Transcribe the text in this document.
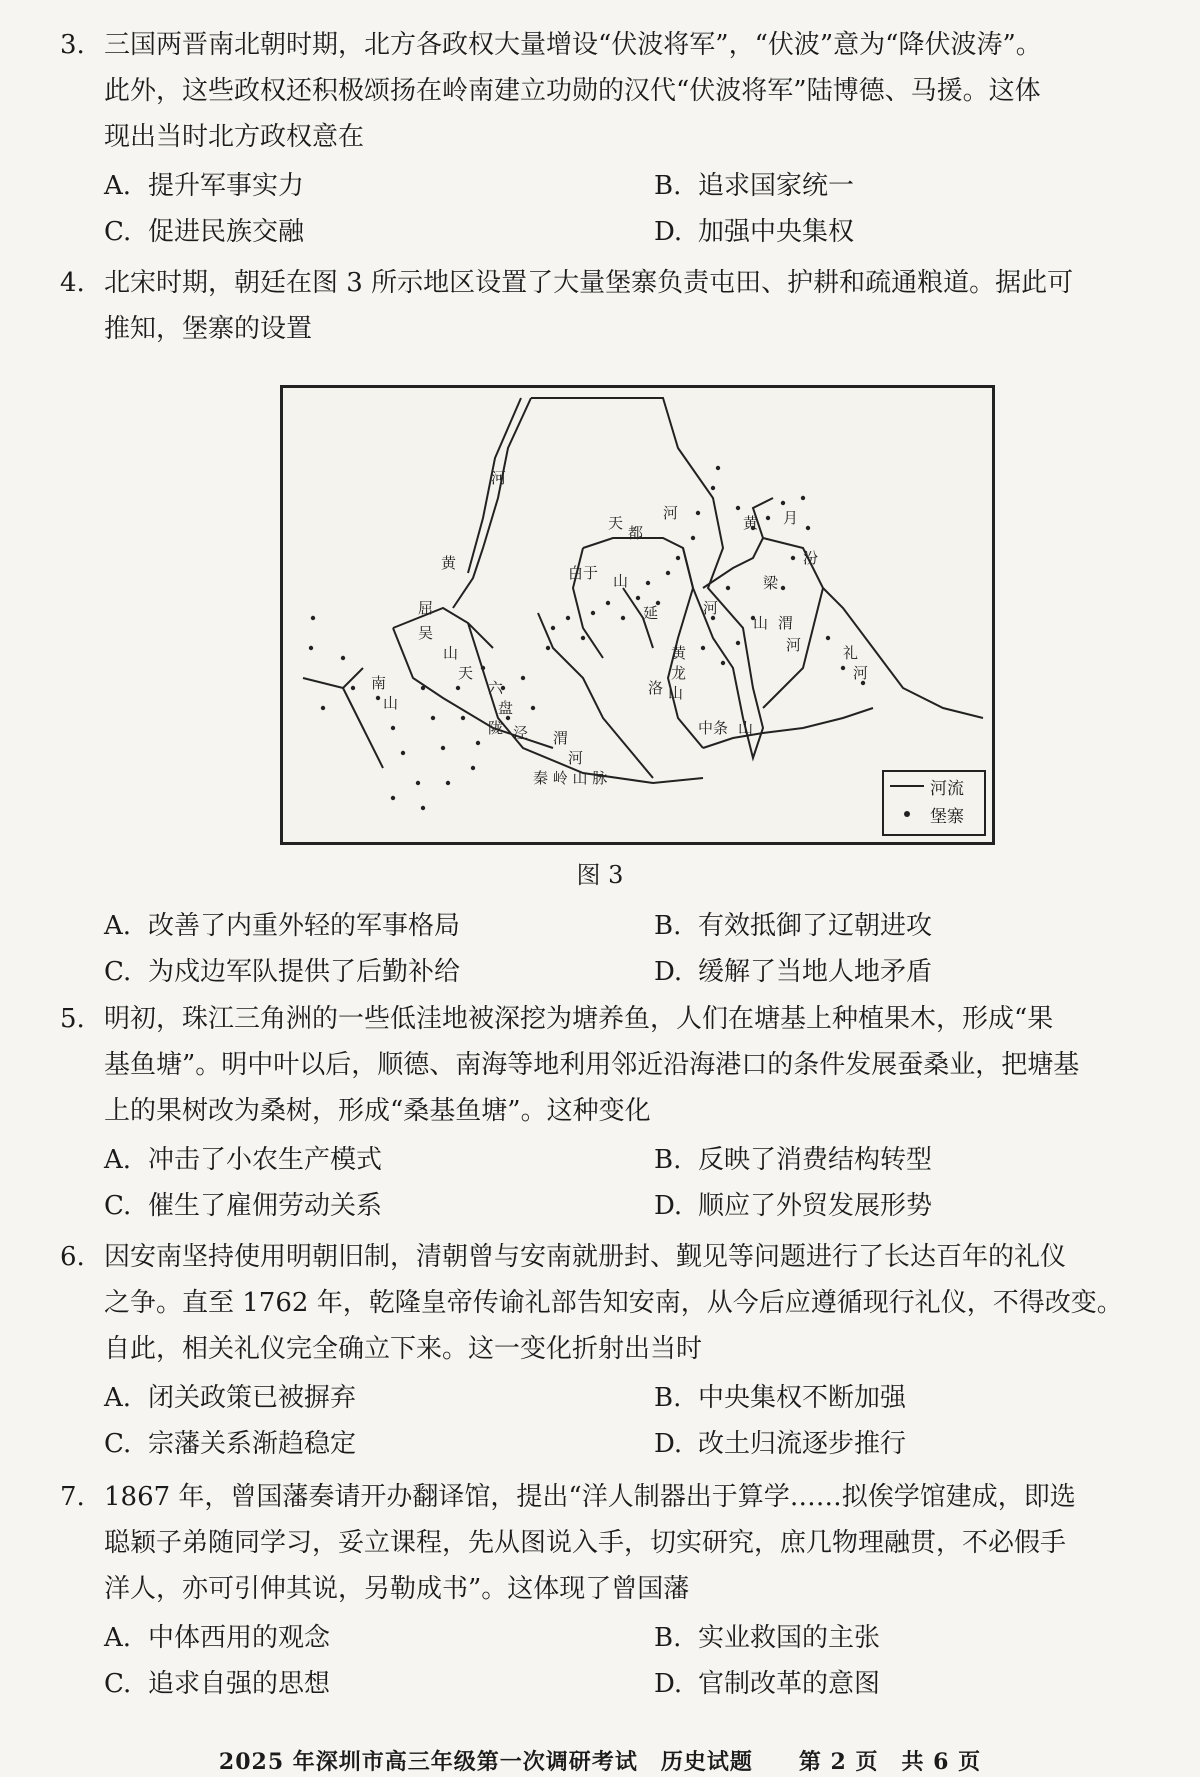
3. 三国两晋南北朝时期，北方各政权大量增设“伏波将军”，“伏波”意为“降伏波涛”。
此外，这些政权还积极颂扬在岭南建立功勋的汉代“伏波将军”陆博德、马援。这体
现出当时北方政权意在

A. 提升军事实力	B. 追求国家统一
C. 促进民族交融	D. 加强中央集权

4. 北宋时期，朝廷在图 3 所示地区设置了大量堡寨负责屯田、护耕和疏通粮道。据此可
推知，堡寨的设置

河
黄
天
都
河
黄 月
汾
白于 山
延
梁
山
河
渭
河
洛
龙
山
黄
屈
吴
山
天
南
山
六
盘
陇 泾 渭
河
中条 山
秦 岭 山 脉
礼
河
河流
堡寨
图 3
A. 改善了内重外轻的军事格局	B. 有效抵御了辽朝进攻
C. 为戍边军队提供了后勤补给	D. 缓解了当地人地矛盾

5. 明初，珠江三角洲的一些低洼地被深挖为塘养鱼，人们在塘基上种植果木，形成“果
基鱼塘”。明中叶以后，顺德、南海等地利用邻近沿海港口的条件发展蚕桑业，把塘基
上的果树改为桑树，形成“桑基鱼塘”。这种变化

A. 冲击了小农生产模式	B. 反映了消费结构转型
C. 催生了雇佣劳动关系	D. 顺应了外贸发展形势

6. 因安南坚持使用明朝旧制，清朝曾与安南就册封、觐见等问题进行了长达百年的礼仪
之争。直至 1762 年，乾隆皇帝传谕礼部告知安南，从今后应遵循现行礼仪，不得改变。
自此，相关礼仪完全确立下来。这一变化折射出当时

A. 闭关政策已被摒弃	B. 中央集权不断加强
C. 宗藩关系渐趋稳定	D. 改土归流逐步推行

7. 1867 年，曾国藩奏请开办翻译馆，提出“洋人制器出于算学……拟俟学馆建成，即选
聪颖子弟随同学习，妥立课程，先从图说入手，切实研究，庶几物理融贯，不必假手
洋人，亦可引伸其说，另勒成书”。这体现了曾国藩

A. 中体西用的观念	B. 实业救国的主张
C. 追求自强的思想	D. 官制改革的意图
2025 年深圳市高三年级第一次调研考试　历史试题　　第 2 页　共 6 页
